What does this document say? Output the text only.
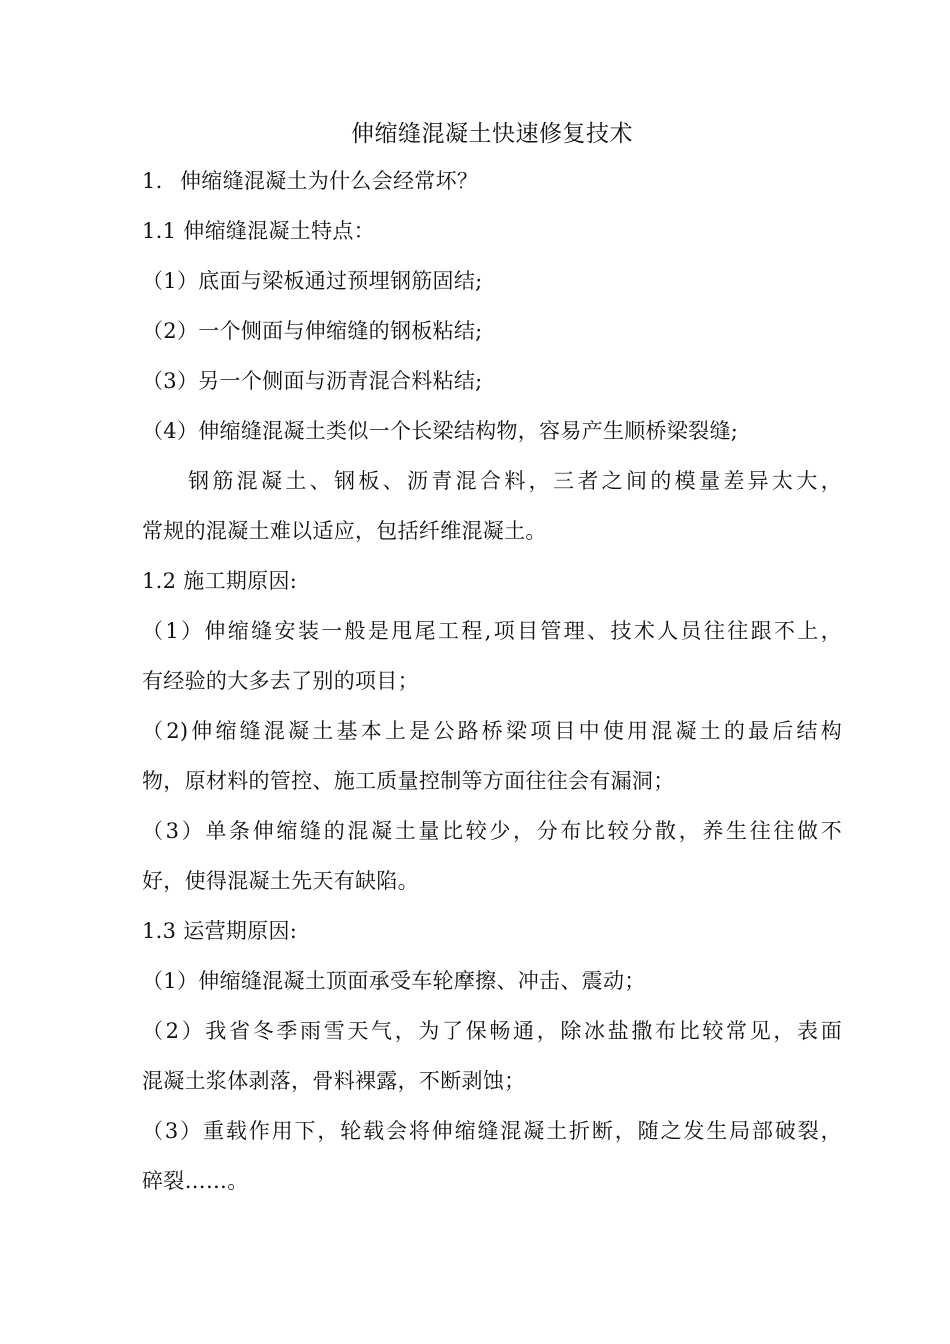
伸缩缝混凝土快速修复技术

1. 伸缩缝混凝土为什么会经常坏？

1.1 伸缩缝混凝土特点：

（1）底面与梁板通过预埋钢筋固结;

（2）一个侧面与伸缩缝的钢板粘结;

（3）另一个侧面与沥青混合料粘结;

（4）伸缩缝混凝土类似一个长梁结构物，容易产生顺桥梁裂缝;

钢筋混凝土、钢板、沥青混合料，三者之间的模量差异太大，

常规的混凝土难以适应，包括纤维混凝土。

1.2 施工期原因:

（1）伸缩缝安装一般是甩尾工程,项目管理、技术人员往往跟不上，

有经验的大多去了别的项目；

（2)伸缩缝混凝土基本上是公路桥梁项目中使用混凝土的最后结构

物，原材料的管控、施工质量控制等方面往往会有漏洞；

（3）单条伸缩缝的混凝土量比较少，分布比较分散，养生往往做不

好，使得混凝土先天有缺陷。

1.3 运营期原因:

（1）伸缩缝混凝土顶面承受车轮摩擦、冲击、震动；

（2）我省冬季雨雪天气，为了保畅通，除冰盐撒布比较常见，表面

混凝土浆体剥落，骨料裸露，不断剥蚀；

（3）重载作用下，轮载会将伸缩缝混凝土折断，随之发生局部破裂，

碎裂……。
